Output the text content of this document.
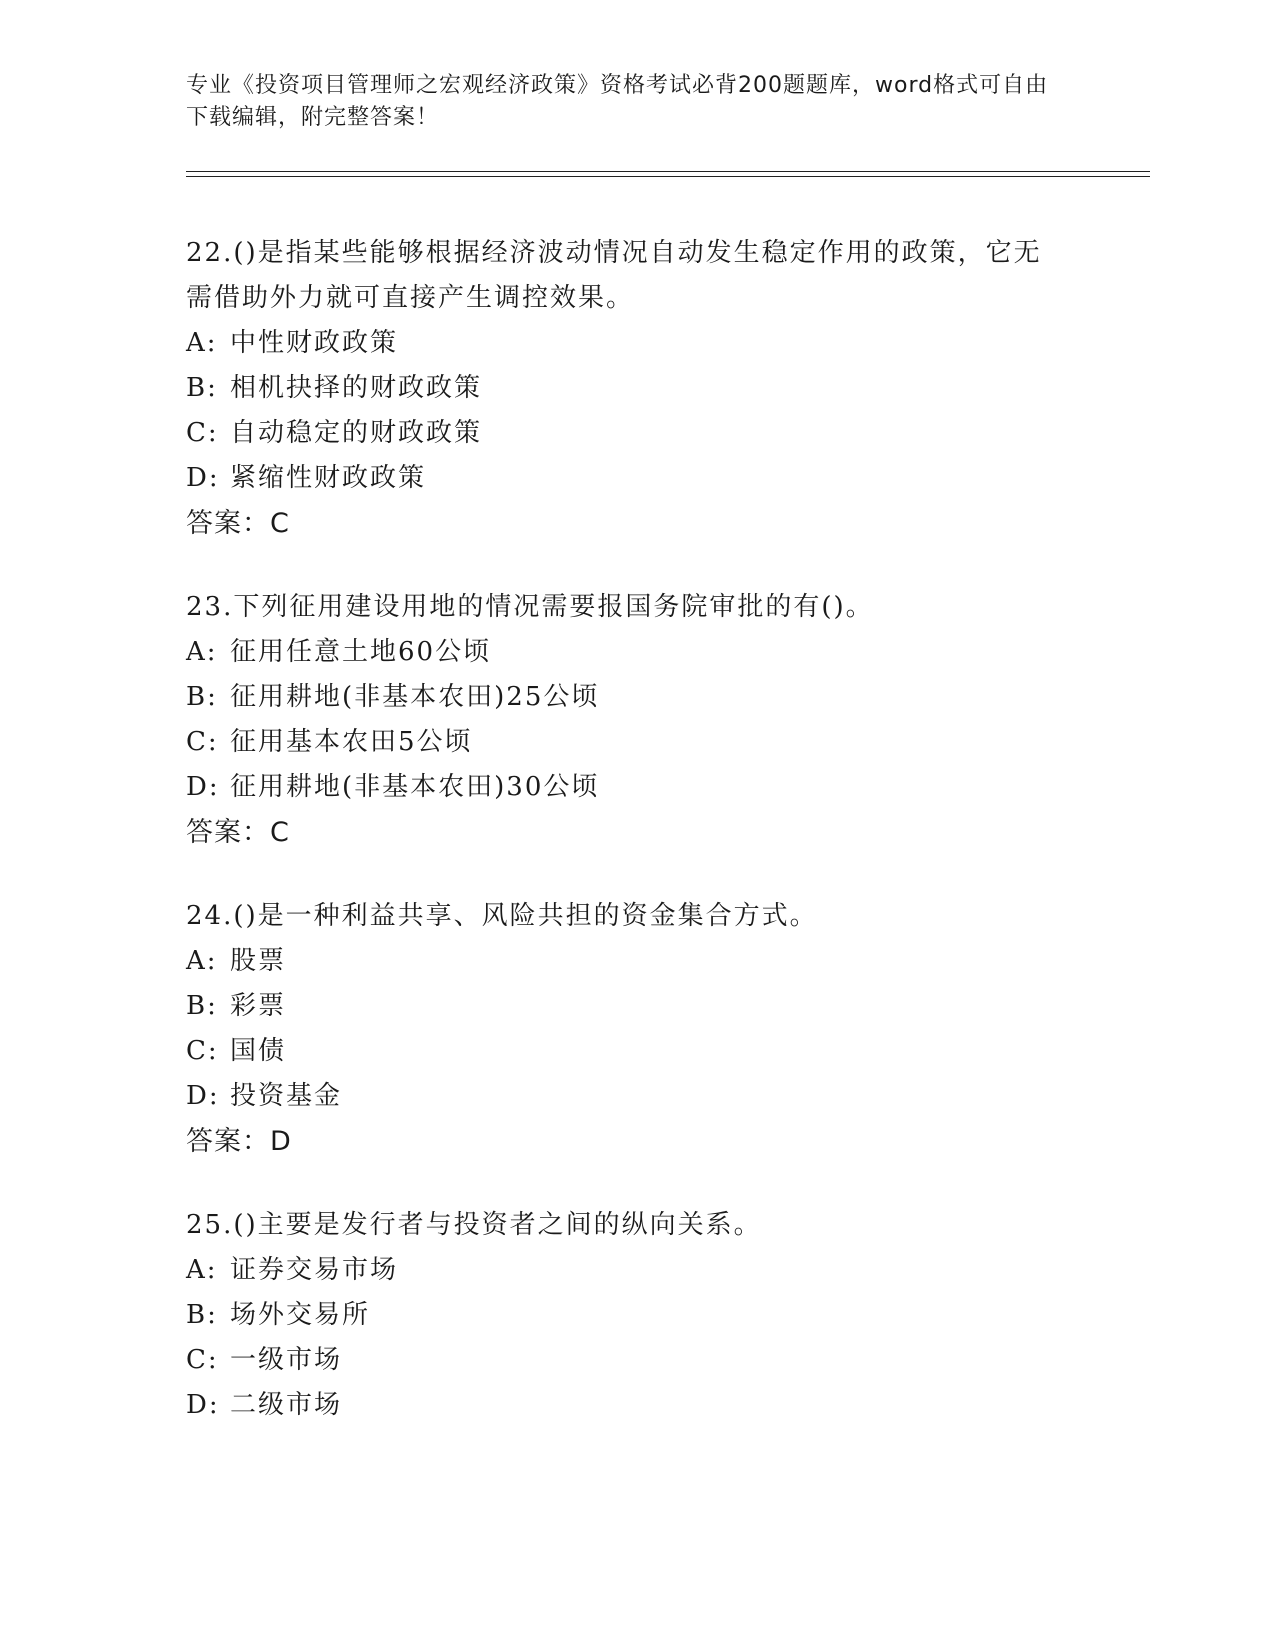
专业《投资项目管理师之宏观经济政策》资格考试必背200题题库，word格式可自由下载编辑，附完整答案！
22.()是指某些能够根据经济波动情况自动发生稳定作用的政策，它无需借助外力就可直接产生调控效果。
A: 中性财政政策
B: 相机抉择的财政政策
C: 自动稳定的财政政策
D: 紧缩性财政政策
答案：C
23.下列征用建设用地的情况需要报国务院审批的有()。
A: 征用任意土地60公顷
B: 征用耕地(非基本农田)25公顷
C: 征用基本农田5公顷
D: 征用耕地(非基本农田)30公顷
答案：C
24.()是一种利益共享、风险共担的资金集合方式。
A: 股票
B: 彩票
C: 国债
D: 投资基金
答案：D
25.()主要是发行者与投资者之间的纵向关系。
A: 证券交易市场
B: 场外交易所
C: 一级市场
D: 二级市场
